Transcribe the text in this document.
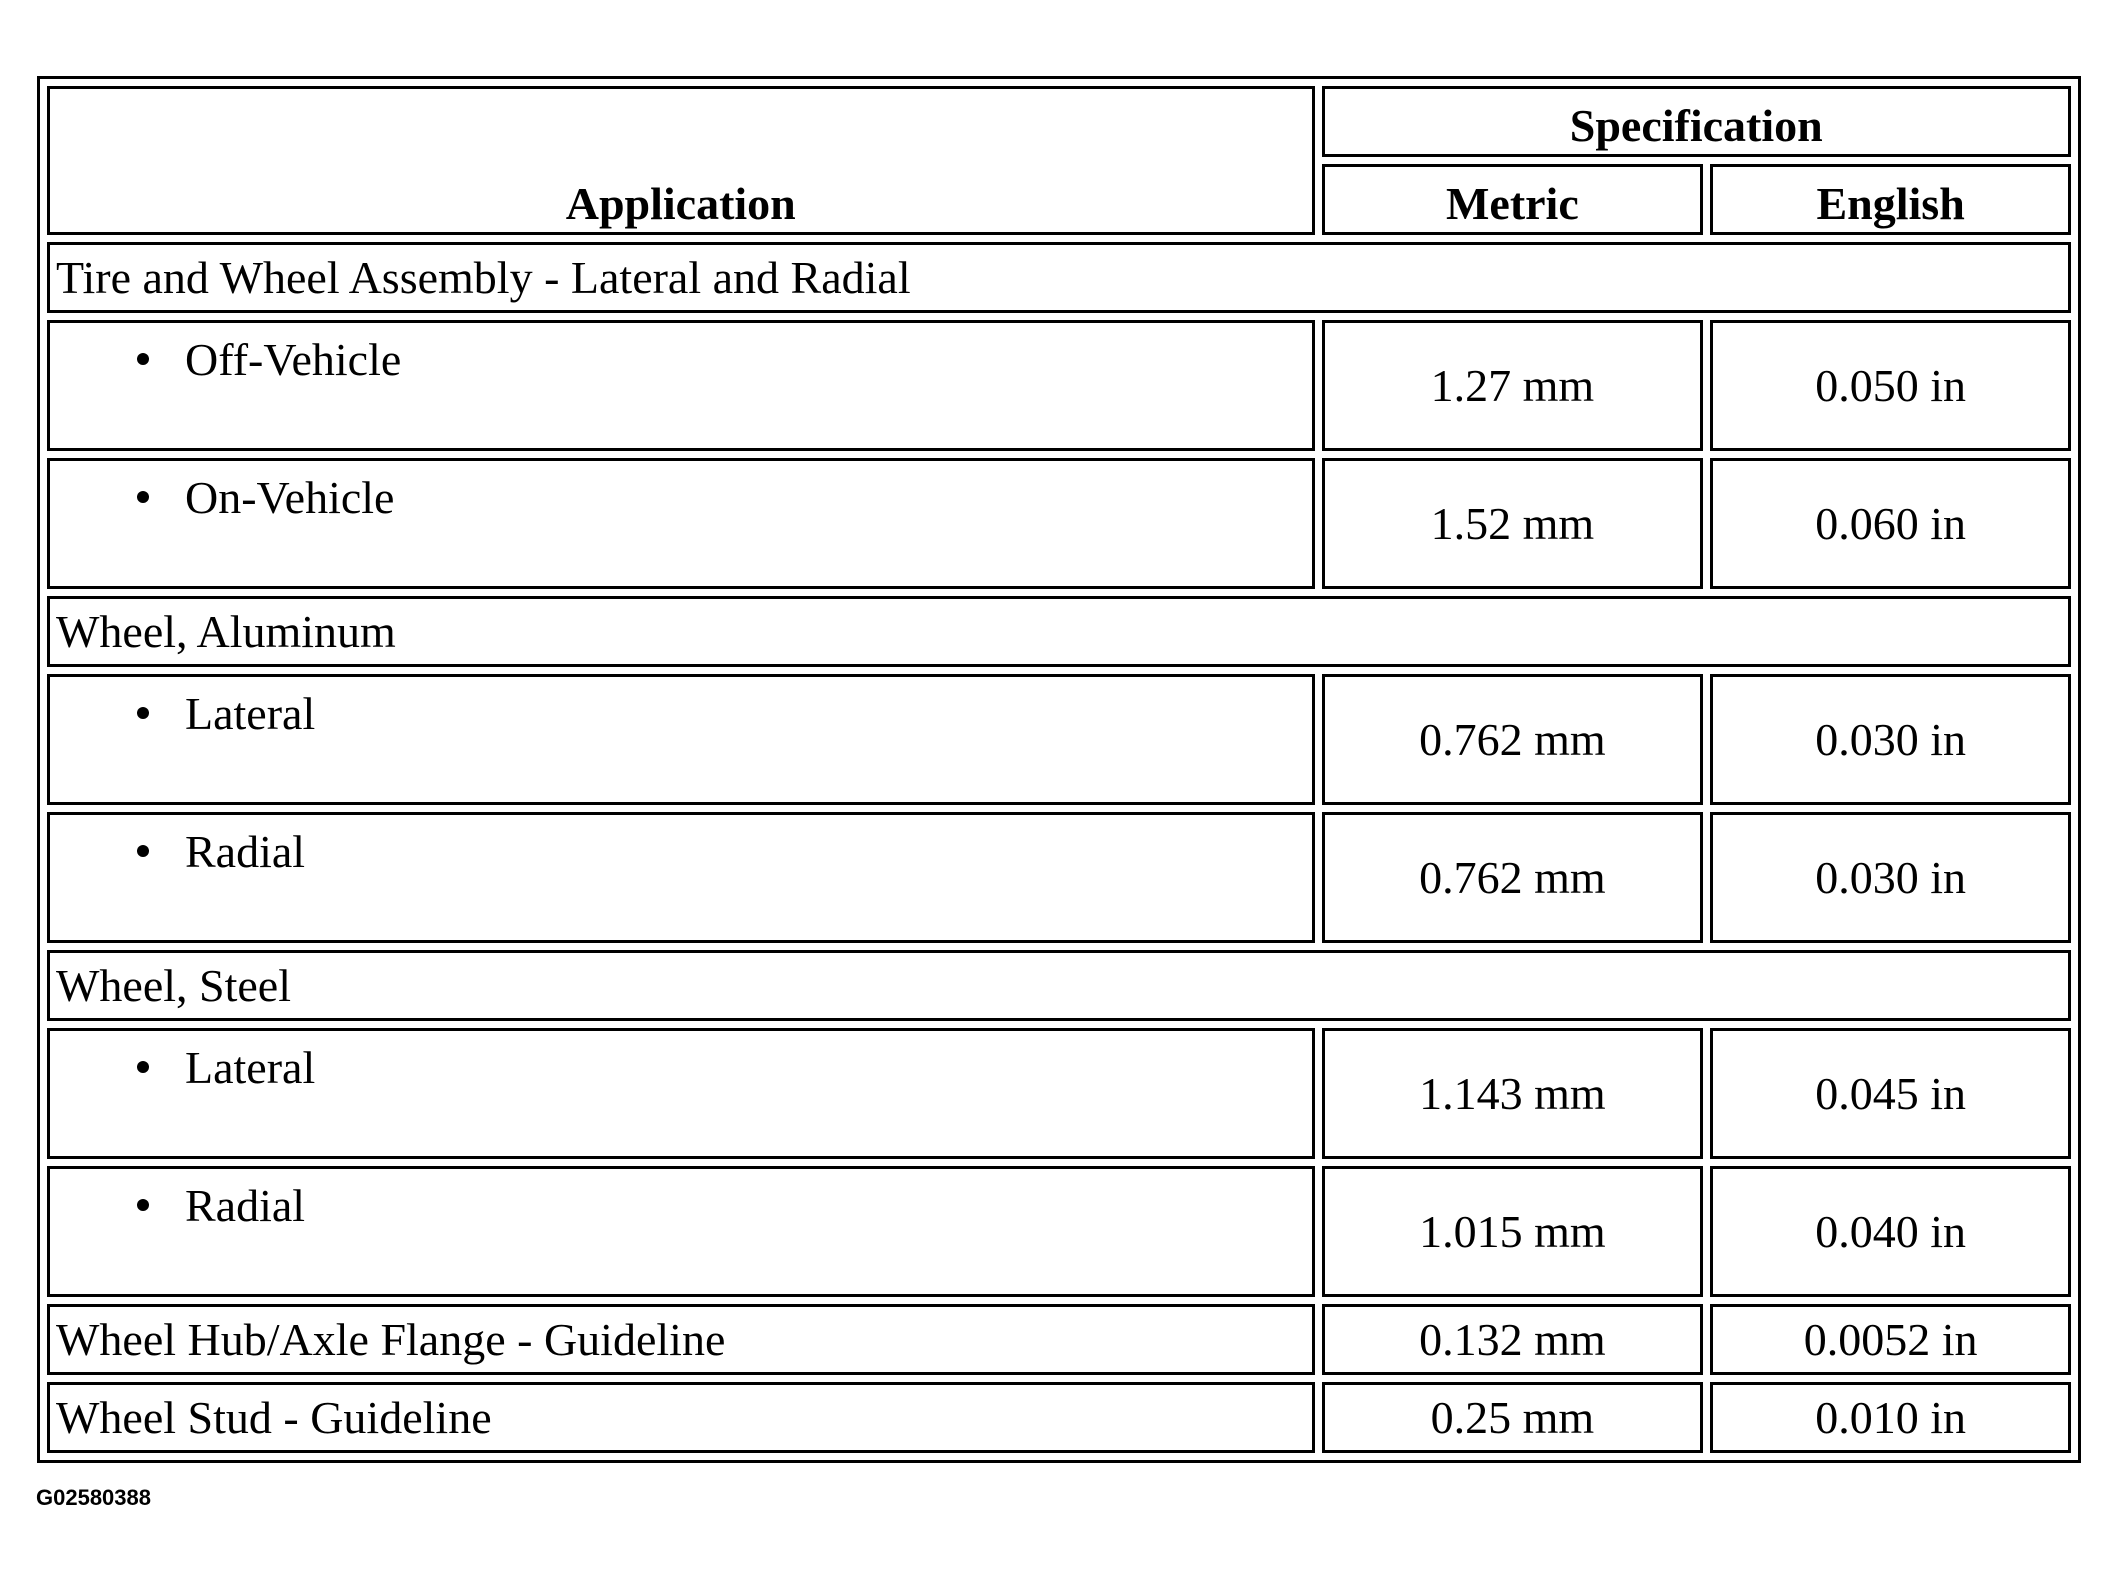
Application	Specification	
	Metric	English
Tire and Wheel Assembly - Lateral and Radial		

Off-Vehicle	1.27 mm	0.050 in

On-Vehicle	1.52 mm	0.060 in
Wheel, Aluminum		

Lateral	0.762 mm	0.030 in

Radial	0.762 mm	0.030 in
Wheel, Steel		

Lateral	1.143 mm	0.045 in

Radial	1.015 mm	0.040 in
Wheel Hub/Axle Flange - Guideline	0.132 mm	0.0052 in
Wheel Stud - Guideline	0.25 mm	0.010 in
G02580388
